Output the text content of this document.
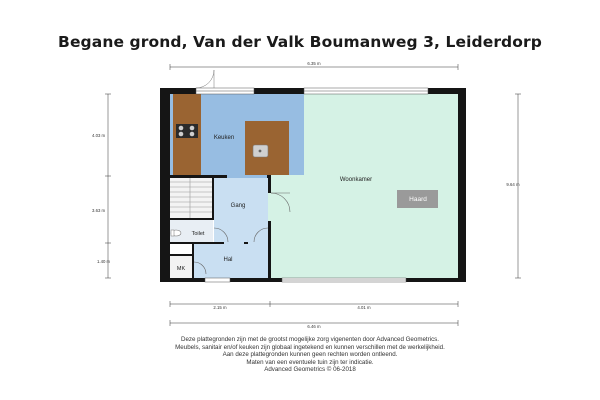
Begane grond, Van der Valk Boumanweg 3, Leiderdorp
Keuken
Woonkamer
Haard
Gang
Toilet
Hal
MK
6.35 m
9.64 m
4.03 m
3.63 m
1.40 m
2.15 m	4.01 m
6.46 m
Deze plattegronden zijn met de grootst mogelijke zorg vigenenten door Advanced Geometrics.
Meubels, sanitair en/of keuken zijn globaal ingetekend en kunnen verschillen met de werkelijkheid.
Aan deze plattegronden kunnen geen rechten worden ontleend.
Maten van een eventuele tuin zijn ter indicatie.
Advanced Geometrics © 06-2018
